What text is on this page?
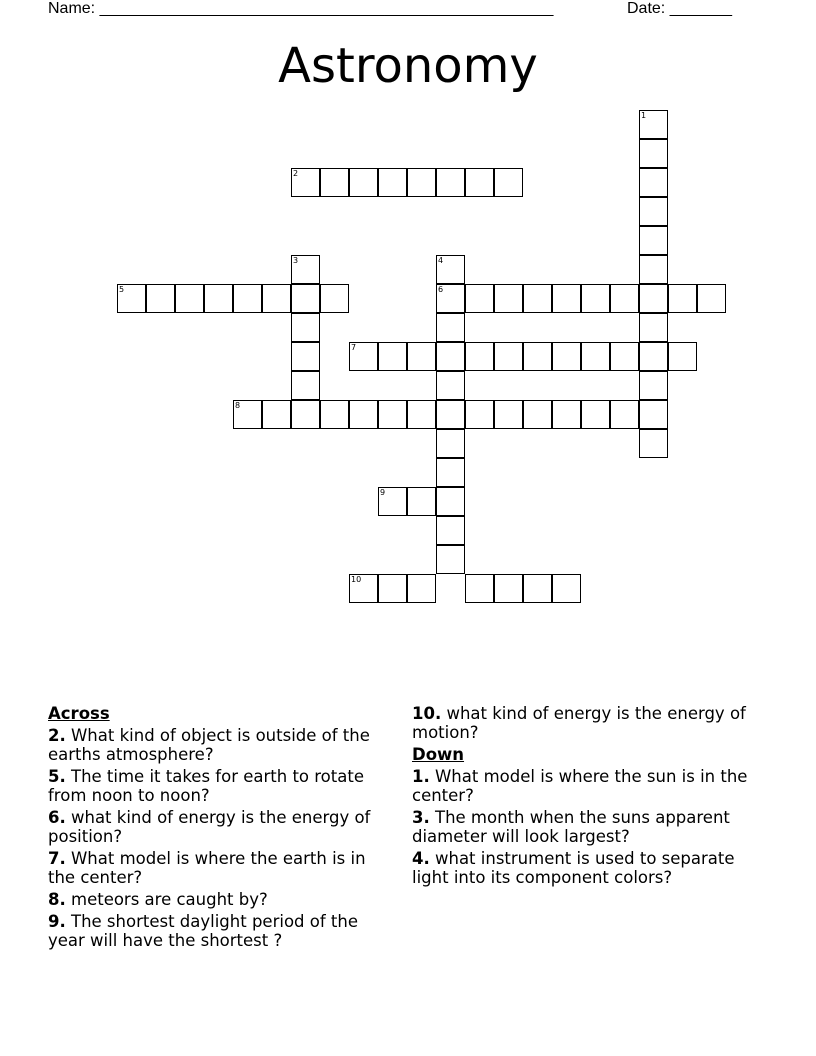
Name: ___________________________________________________	Date: _______
Astronomy
1
2
3	4
6
5
7
8
9
10
Across
2. What kind of object is outside of the earths atmosphere?
5. The time it takes for earth to rotate from noon to noon?
6. what kind of energy is the energy of position?
7. What model is where the earth is in the center?
8. meteors are caught by?
9. The shortest daylight period of the year will have the shortest ?
10. what kind of energy is the energy of motion?
Down
1. What model is where the sun is in the center?
3. The month when the suns apparent diameter will look largest?
4. what instrument is used to separate light into its component colors?
